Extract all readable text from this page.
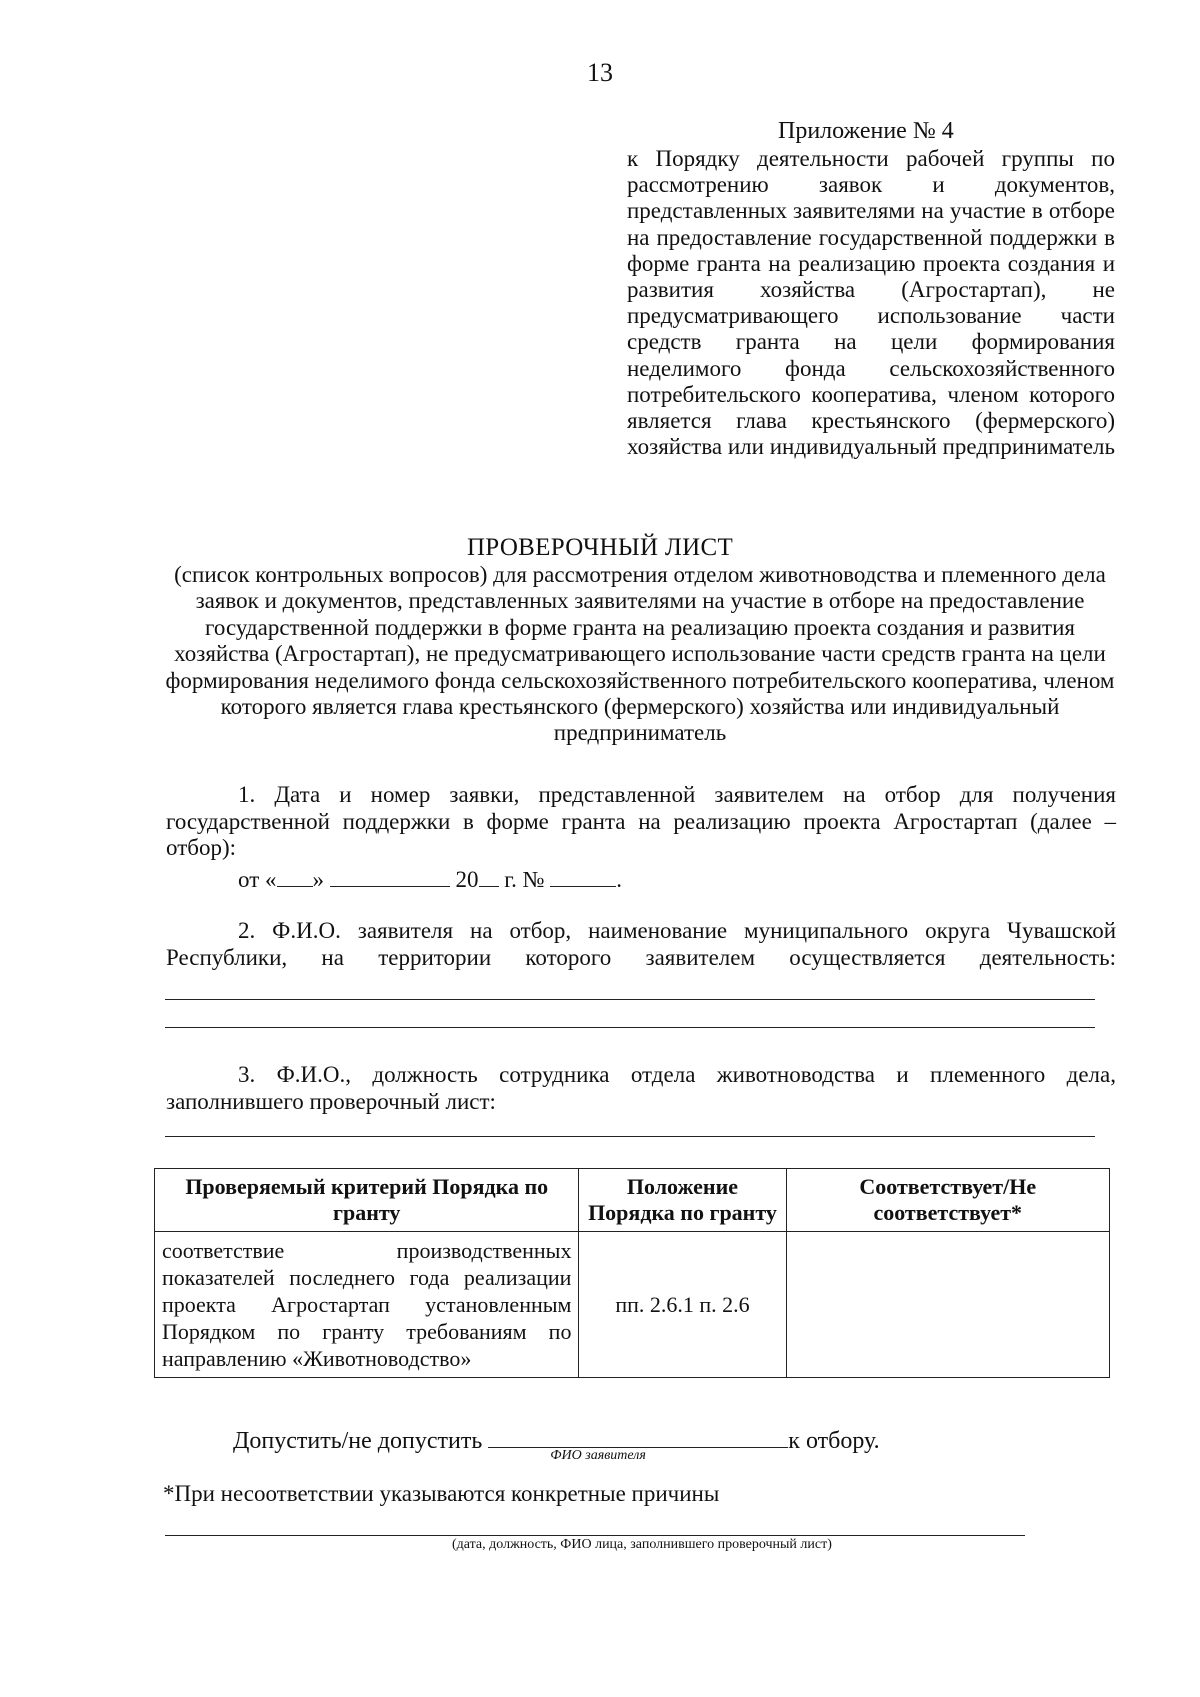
13
Приложение № 4
к Порядку деятельности рабочей группы по рассмотрению заявок и документов, представленных заявителями на участие в отборе на предоставление государственной поддержки в форме гранта на реализацию проекта создания и развития хозяйства (Агростартап), не предусматривающего использование части средств гранта на цели формирования неделимого фонда сельскохозяйственного потребительского кооператива, членом которого является глава крестьянского (фермерского) хозяйства или индивидуальный предприниматель
ПРОВЕРОЧНЫЙ ЛИСТ
(список контрольных вопросов) для рассмотрения отделом животноводства и племенного дела заявок и документов, представленных заявителями на участие в отборе на предоставление государственной поддержки в форме гранта на реализацию проекта создания и развития хозяйства (Агростартап), не предусматривающего использование части средств гранта на цели формирования неделимого фонда сельскохозяйственного потребительского кооператива, членом которого является глава крестьянского (фермерского) хозяйства или индивидуальный предприниматель
1. Дата и номер заявки, представленной заявителем на отбор для получения государственной поддержки в форме гранта на реализацию проекта Агростартап (далее – отбор):
от « »	20 г. №	.
2. Ф.И.О. заявителя на отбор, наименование муниципального округа Чувашской Республики, на территории которого заявителем осуществляется деятельность:
3. Ф.И.О., должность сотрудника отдела животноводства и племенного дела, заполнившего проверочный лист:
Проверяемый критерий Порядка по гранту	Положение Порядка по гранту	Соответствует/Не соответствует*
соответствие производственных показателей последнего года реализации проекта Агростартап установленным Порядком по гранту требованиям по направлению «Животноводство»	пп. 2.6.1 п. 2.6	
Допустить/не допустить
ФИО заявителя
к отбору.
*При несоответствии указываются конкретные причины
(дата, должность, ФИО лица, заполнившего проверочный лист)
